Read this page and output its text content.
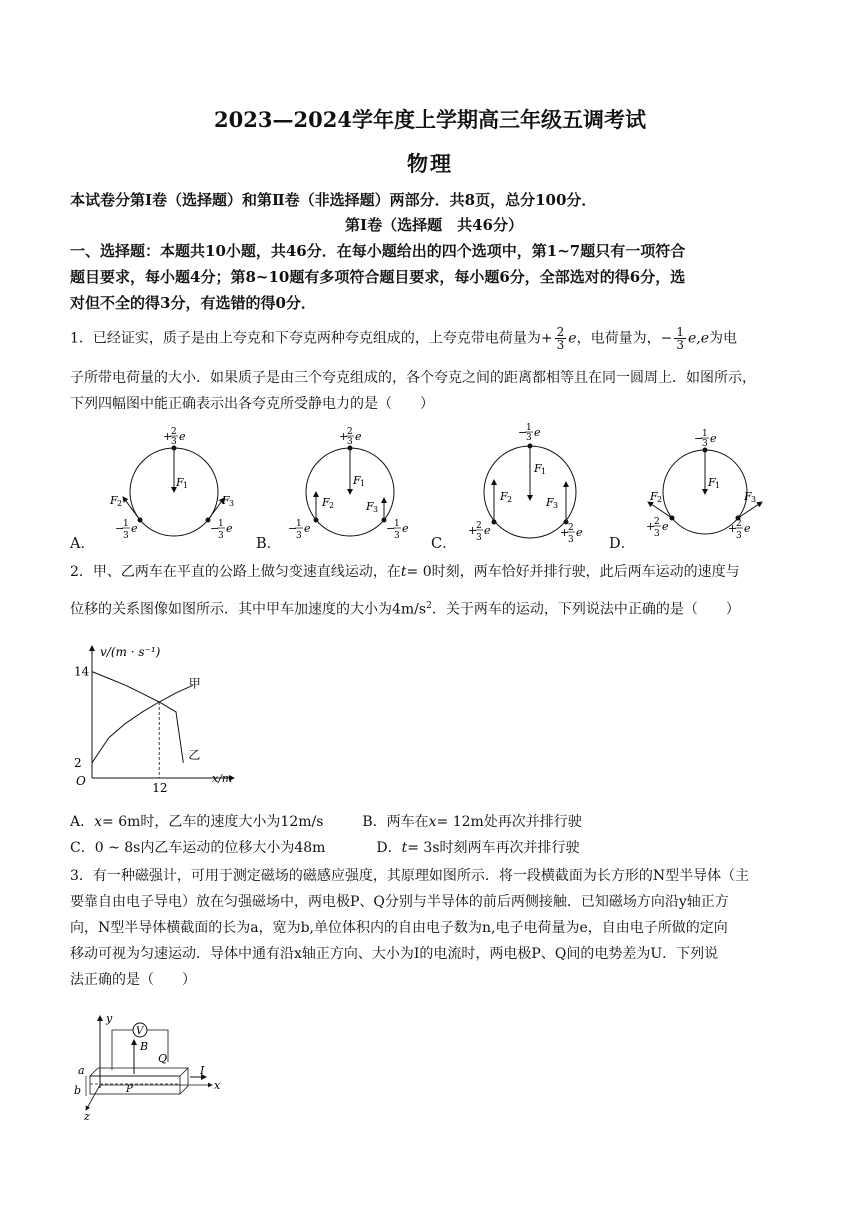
2023—2024学年度上学期高三年级五调考试
物理
本试卷分第Ⅰ卷（选择题）和第Ⅱ卷（非选择题）两部分．共8页，总分100分．
第Ⅰ卷（选择题　共46分）
一、选择题：本题共10小题，共46分．在每小题给出的四个选项中，第1~7题只有一项符合
题目要求，每小题4分；第8~10题有多项符合题目要求，每小题6分，全部选对的得6分，选
对但不全的得3分，有选错的得0分．
1．已经证实，质子是由上夸克和下夸克两种夸克组成的，上夸克带电荷量为+ $\frac{2}{3}$ e，电荷量为，− $\frac{1}{3} e,e$为电
子所带电荷量的大小．如果质子是由三个夸克组成的，各个夸克之间的距离都相等且在同一圆周上．如图所示，
下列四幅图中能正确表示出各夸克所受静电力的是（　　）
F 1
F 2	F 3
+
2
3 e
−
1
3
e	−
1
3
e
F 1
F 2	F 3
+
2
3 e
−
1
3
e	−
1
3
e
F 1
F 2	F 3
−
1
3 e
+
2
3
e	+
2
3
e
F 1
F 2	F 3
−
1
3 e
+
2
3
e	+
2
3
e
A．	B．	C．	D．
2．甲、乙两车在平直的公路上做匀变速直线运动，在t= 0时刻，两车恰好并排行驶，此后两车运动的速度与
位移的关系图像如图所示．其中甲车加速度的大小为$4m/s^2$．关于两车的运动，下列说法中正确的是（　　）
v/(m · s⁻¹)
x/m
O
甲
乙
14
2
12
A．x= 6m时，乙车的速度大小为12m/s	B．两车在x= 12m处再次并排行驶
C．0 ~ 8s内乙车运动的位移大小为48m	D．t= 3s时刻两车再次并排行驶
3．有一种磁强计，可用于测定磁场的磁感应强度，其原理如图所示．将一段横截面为长方形的N型半导体（主
要靠自由电子导电）放在匀强磁场中，两电极P、Q分别与半导体的前后两侧接触．已知磁场方向沿y轴正方
向，N型半导体横截面的长为a，宽为b,单位体积内的自由电子数为n,电子电荷量为e，自由电子所做的定向
移动可视为匀速运动．导体中通有沿x轴正方向、大小为I的电流时，两电极P、Q间的电势差为U．下列说
法正确的是（　　）
y
V
B
Q
x
I
P
z
a
b
